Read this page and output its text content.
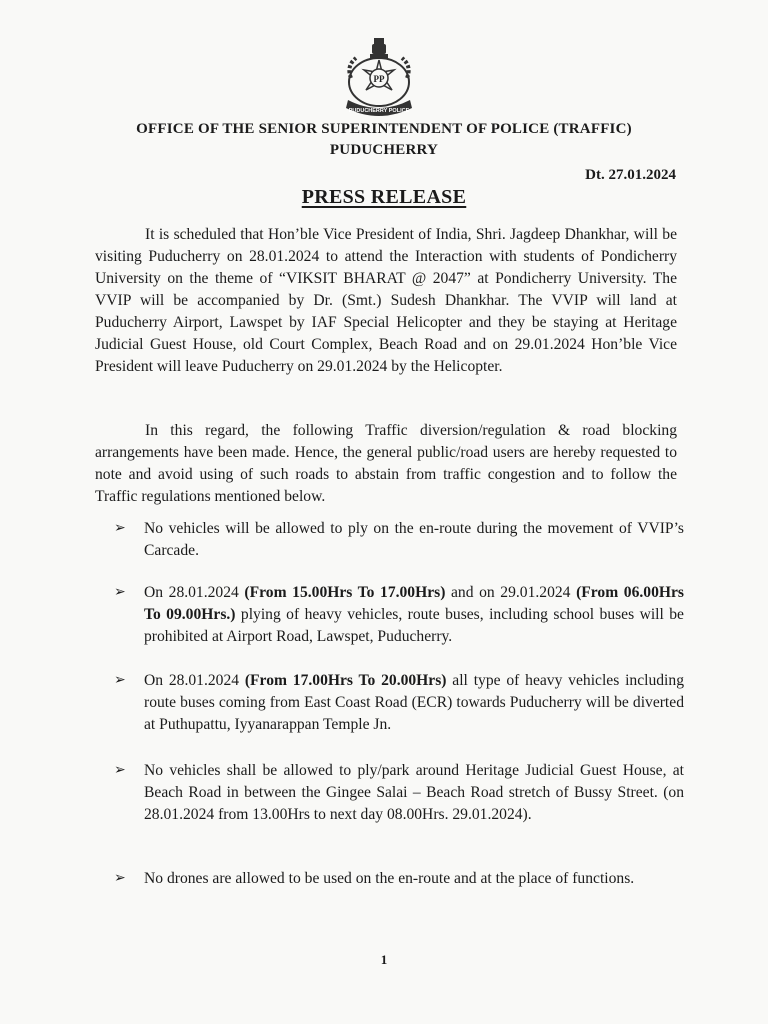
PP
PUDUCHERRY POLICE
OFFICE OF THE SENIOR SUPERINTENDENT OF POLICE (TRAFFIC)
PUDUCHERRY
Dt. 27.01.2024
PRESS RELEASE

It is scheduled that Hon’ble Vice President of India, Shri. Jagdeep Dhankhar, will be visiting Puducherry on 28.01.2024 to attend the Interaction with students of Pondicherry University on the theme of “VIKSIT BHARAT @ 2047” at Pondicherry University. The VVIP will be accompanied by Dr. (Smt.) Sudesh Dhankhar. The VVIP will land at Puducherry Airport, Lawspet by IAF Special Helicopter and they be staying at Heritage Judicial Guest House, old Court Complex, Beach Road and on 29.01.2024 Hon’ble Vice President will leave Puducherry on 29.01.2024 by the Helicopter.

In this regard, the following Traffic diversion/regulation & road blocking arrangements have been made. Hence, the general public/road users are hereby requested to note and avoid using of such roads to abstain from traffic congestion and to follow the Traffic regulations mentioned below.

➢	No vehicles will be allowed to ply on the en-route during the movement of VVIP’s Carcade.

➢	On 28.01.2024 (From 15.00Hrs To 17.00Hrs) and on 29.01.2024 (From 06.00Hrs To 09.00Hrs.) plying of heavy vehicles, route buses, including school buses will be prohibited at Airport Road, Lawspet, Puducherry.

➢	On 28.01.2024 (From 17.00Hrs To 20.00Hrs) all type of heavy vehicles including route buses coming from East Coast Road (ECR) towards Puducherry will be diverted at Puthupattu, Iyyanarappan Temple Jn.

➢	No vehicles shall be allowed to ply/park around Heritage Judicial Guest House, at Beach Road in between the Gingee Salai – Beach Road stretch of Bussy Street. (on 28.01.2024 from 13.00Hrs to next day 08.00Hrs. 29.01.2024).

➢	No drones are allowed to be used on the en-route and at the place of functions.

1
